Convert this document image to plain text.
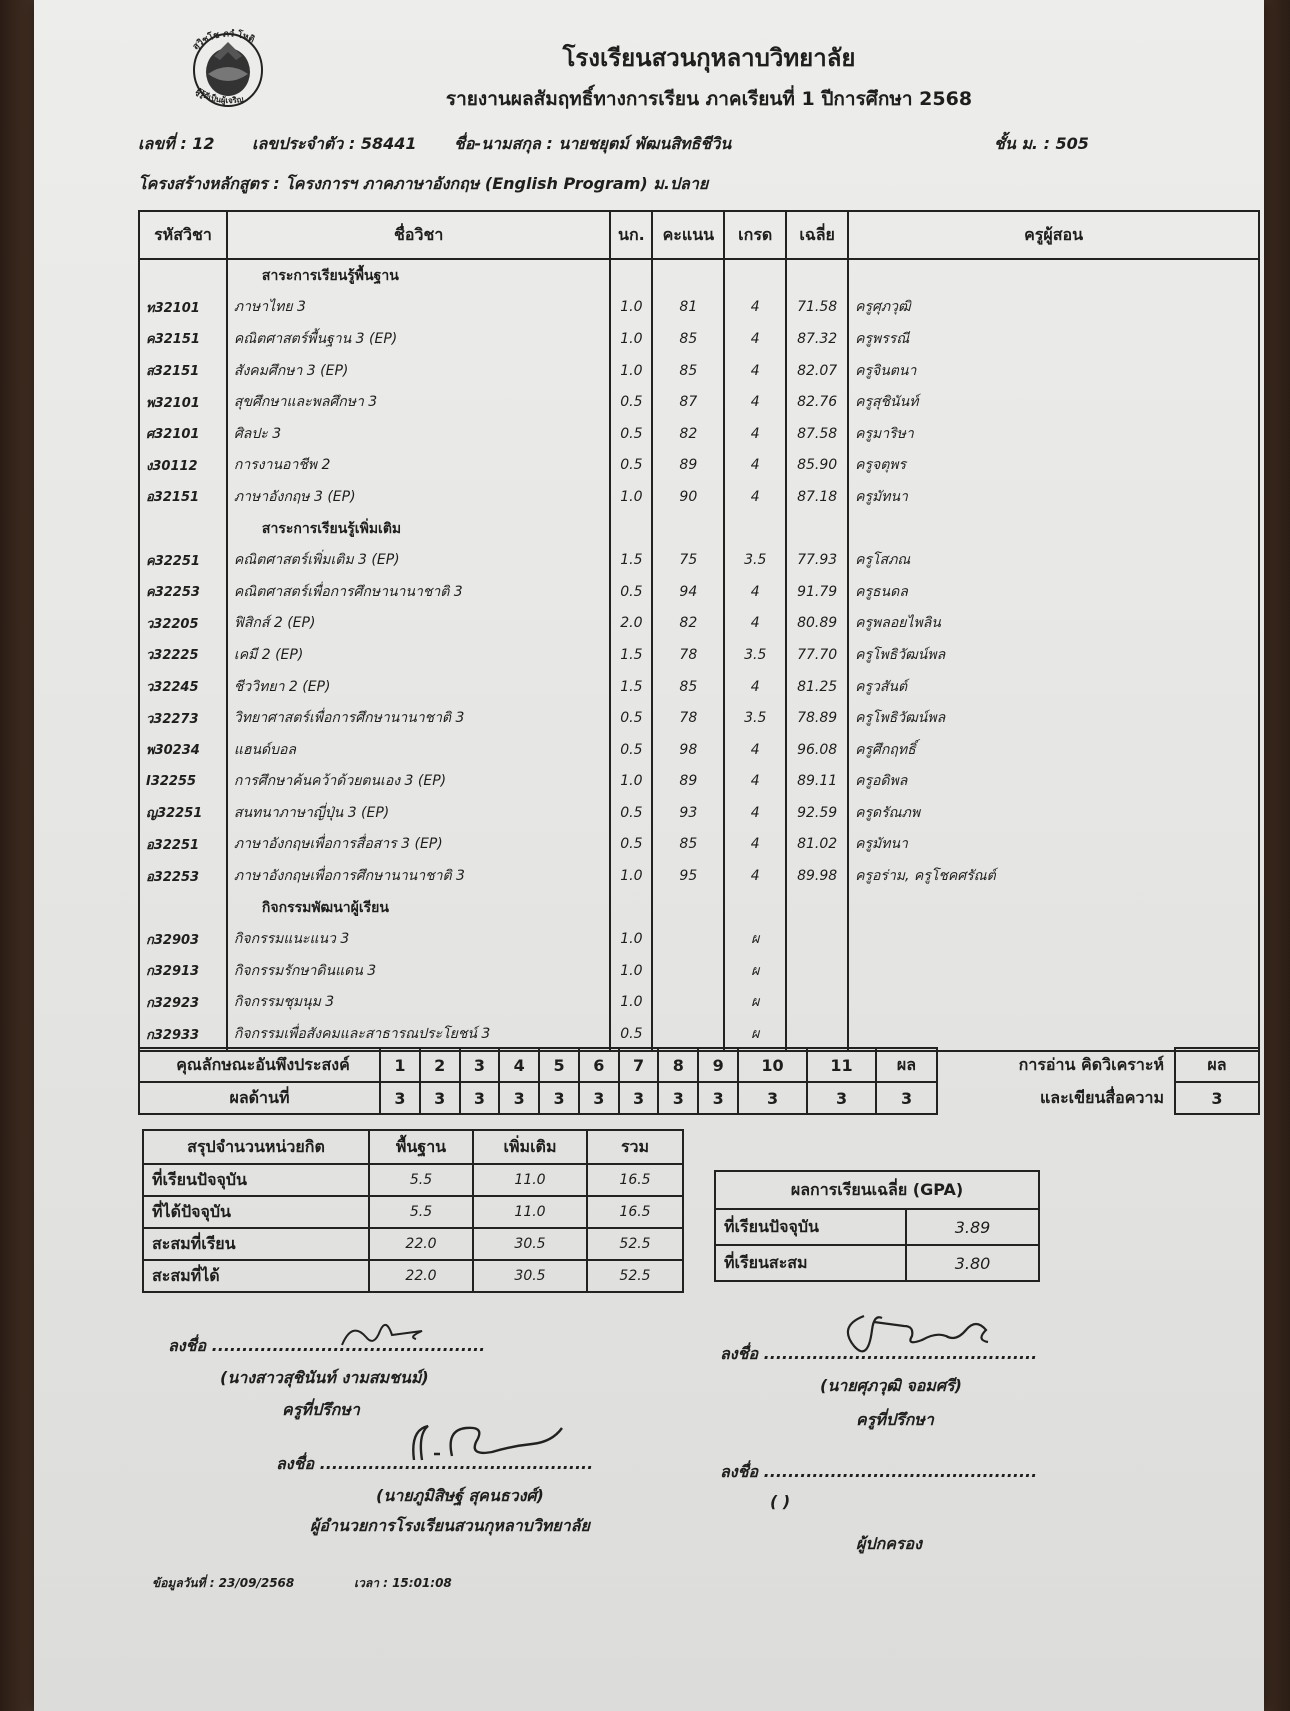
สุวิชโช ภวํ โหติ
ผู้รู้ดีเป็นผู้เจริญ
โรงเรียนสวนกุหลาบวิทยาลัย
รายงานผลสัมฤทธิ์ทางการเรียน ภาคเรียนที่ 1 ปีการศึกษา 2568
เลขที่ : 12 เลขประจำตัว : 58441 ชื่อ-นามสกุล : นายชยุตม์ พัฒนสิทธิชีวิน	ชั้น ม. : 505
โครงสร้างหลักสูตร : โครงการฯ ภาคภาษาอังกฤษ (English Program) ม.ปลาย
รหัสวิชา	ชื่อวิชา	นก.	คะแนน	เกรด	เฉลี่ย	ครูผู้สอน
	สาระการเรียนรู้พื้นฐาน					
ท32101	ภาษาไทย 3	1.0	81	4	71.58	ครูศุภวุฒิ
ค32151	คณิตศาสตร์พื้นฐาน 3 (EP)	1.0	85	4	87.32	ครูพรรณี
ส32151	สังคมศึกษา 3 (EP)	1.0	85	4	82.07	ครูจินตนา
พ32101	สุขศึกษาและพลศึกษา 3	0.5	87	4	82.76	ครูสุชินันท์
ศ32101	ศิลปะ 3	0.5	82	4	87.58	ครูมาริษา
ง30112	การงานอาชีพ 2	0.5	89	4	85.90	ครูจตุพร
อ32151	ภาษาอังกฤษ 3 (EP)	1.0	90	4	87.18	ครูมัทนา
	สาระการเรียนรู้เพิ่มเติม					
ค32251	คณิตศาสตร์เพิ่มเติม 3 (EP)	1.5	75	3.5	77.93	ครูโสภณ
ค32253	คณิตศาสตร์เพื่อการศึกษานานาชาติ 3	0.5	94	4	91.79	ครูธนดล
ว32205	ฟิสิกส์ 2 (EP)	2.0	82	4	80.89	ครูพลอยไพลิน
ว32225	เคมี 2 (EP)	1.5	78	3.5	77.70	ครูโพธิวัฒน์พล
ว32245	ชีววิทยา 2 (EP)	1.5	85	4	81.25	ครูวสันต์
ว32273	วิทยาศาสตร์เพื่อการศึกษานานาชาติ 3	0.5	78	3.5	78.89	ครูโพธิวัฒน์พล
พ30234	แฮนด์บอล	0.5	98	4	96.08	ครูศึกฤทธิ์
I32255	การศึกษาค้นคว้าด้วยตนเอง 3 (EP)	1.0	89	4	89.11	ครูอดิพล
ญ32251	สนทนาภาษาญี่ปุ่น 3 (EP)	0.5	93	4	92.59	ครูดรัณภพ
อ32251	ภาษาอังกฤษเพื่อการสื่อสาร 3 (EP)	0.5	85	4	81.02	ครูมัทนา
อ32253	ภาษาอังกฤษเพื่อการศึกษานานาชาติ 3	1.0	95	4	89.98	ครูอร่าม, ครูโชคศรัณต์
	กิจกรรมพัฒนาผู้เรียน					
ก32903	กิจกรรมแนะแนว 3	1.0		ผ		
ก32913	กิจกรรมรักษาดินแดน 3	1.0		ผ		
ก32923	กิจกรรมชุมนุม 3	1.0		ผ		
ก32933	กิจกรรมเพื่อสังคมและสาธารณประโยชน์ 3	0.5		ผ		
คุณลักษณะอันพึงประสงค์	1	2	3	4	5	6	7	8	9	10	11	ผล
ผลด้านที่	3	3	3	3	3	3	3	3	3	3	3	3
การอ่าน คิดวิเคราะห์	ผล
และเขียนสื่อความ	3
สรุปจำนวนหน่วยกิต	พื้นฐาน	เพิ่มเติม	รวม
ที่เรียนปัจจุบัน	5.5	11.0	16.5
ที่ได้ปัจจุบัน	5.5	11.0	16.5
สะสมที่เรียน	22.0	30.5	52.5
สะสมที่ได้	22.0	30.5	52.5
ผลการเรียนเฉลี่ย (GPA)	
ที่เรียนปัจจุบัน	3.89
ที่เรียนสะสม	3.80
ลงชื่อ .............................................
(นางสาวสุชินันท์ งามสมชนม์)
ครูที่ปรึกษา
ลงชื่อ .............................................
(นายศุภวุฒิ จอมศรี)
ครูที่ปรึกษา
ลงชื่อ .............................................
(นายภูมิสิษฐ์ สุคนธวงศ์)
ผู้อำนวยการโรงเรียนสวนกุหลาบวิทยาลัย
ลงชื่อ .............................................
( )
ผู้ปกครอง
ข้อมูลวันที่ : 23/09/2568	เวลา : 15:01:08
